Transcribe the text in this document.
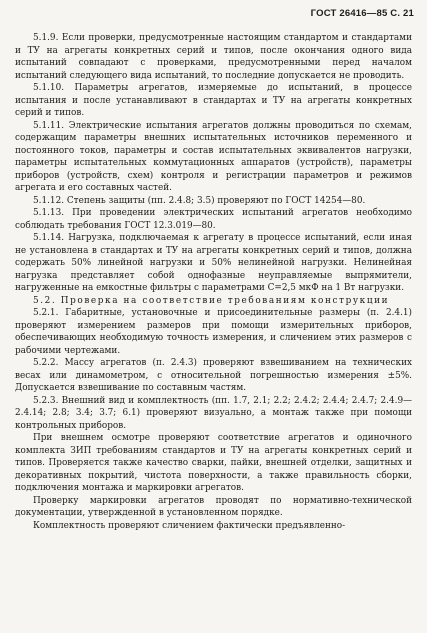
ГОСТ 26416—85 С. 21

5.1.9. Если проверки, предусмотренные настоящим стандартом и стандартами и ТУ на агрегаты конкретных серий и типов, после окончания одного вида испытаний совпадают с проверками, предусмотренными перед началом испытаний следующего вида испытаний, то последние допускается не проводить.

5.1.10. Параметры агрегатов, измеряемые до испытаний, в процессе испытания и после устанавливают в стандартах и ТУ на агрегаты конкретных серий и типов.

5.1.11. Электрические испытания агрегатов должны проводиться по схемам, содержащим параметры внешних испытательных источников переменного и постоянного токов, параметры и состав испытательных эквивалентов нагрузки, параметры испытательных коммутационных аппаратов (устройств), параметры приборов (устройств, схем) контроля и регистрации параметров и режимов агрегата и его составных частей.

5.1.12. Степень защиты (пп. 2.4.8; 3.5) проверяют по ГОСТ 14254—80.

5.1.13. При проведении электрических испытаний агрегатов необходимо соблюдать требования ГОСТ 12.3.019—80.

5.1.14. Нагрузка, подключаемая к агрегату в процессе испытаний, если иная не установлена в стандартах и ТУ на агрегаты конкретных серий и типов, должна содержать 50% линейной нагрузки и 50% нелинейной нагрузки. Нелинейная нагрузка представляет собой однофазные неуправляемые выпрямители, нагруженные на емкостные фильтры с параметрами C=2,5 мкФ на 1 Вт нагрузки.

5.2. Проверка на соответствие требованиям конструкции

5.2.1. Габаритные, установочные и присоединительные размеры (п. 2.4.1) проверяют измерением размеров при помощи измерительных приборов, обеспечивающих необходимую точность измерения, и сличением этих размеров с рабочими чертежами.

5.2.2. Массу агрегатов (п. 2.4.3) проверяют взвешиванием на технических весах или динамометром, с относительной погрешностью измерения ±5%. Допускается взвешивание по составным частям.

5.2.3. Внешний вид и комплектность (пп. 1.7, 2.1; 2.2; 2.4.2; 2.4.4; 2.4.7; 2.4.9—2.4.14; 2.8; 3.4; 3.7; 6.1) проверяют визуально, а монтаж также при помощи контрольных приборов.

При внешнем осмотре проверяют соответствие агрегатов и одиночного комплекта ЗИП требованиям стандартов и ТУ на агрегаты конкретных серий и типов. Проверяется также качество сварки, пайки, внешней отделки, защитных и декоративных покрытий, чистота поверхности, а также правильность сборки, подключения монтажа и маркировки агрегатов.

Проверку маркировки агрегатов проводят по нормативно-технической документации, утвержденной в установленном порядке.

Комплектность проверяют сличением фактически предъявленно-
